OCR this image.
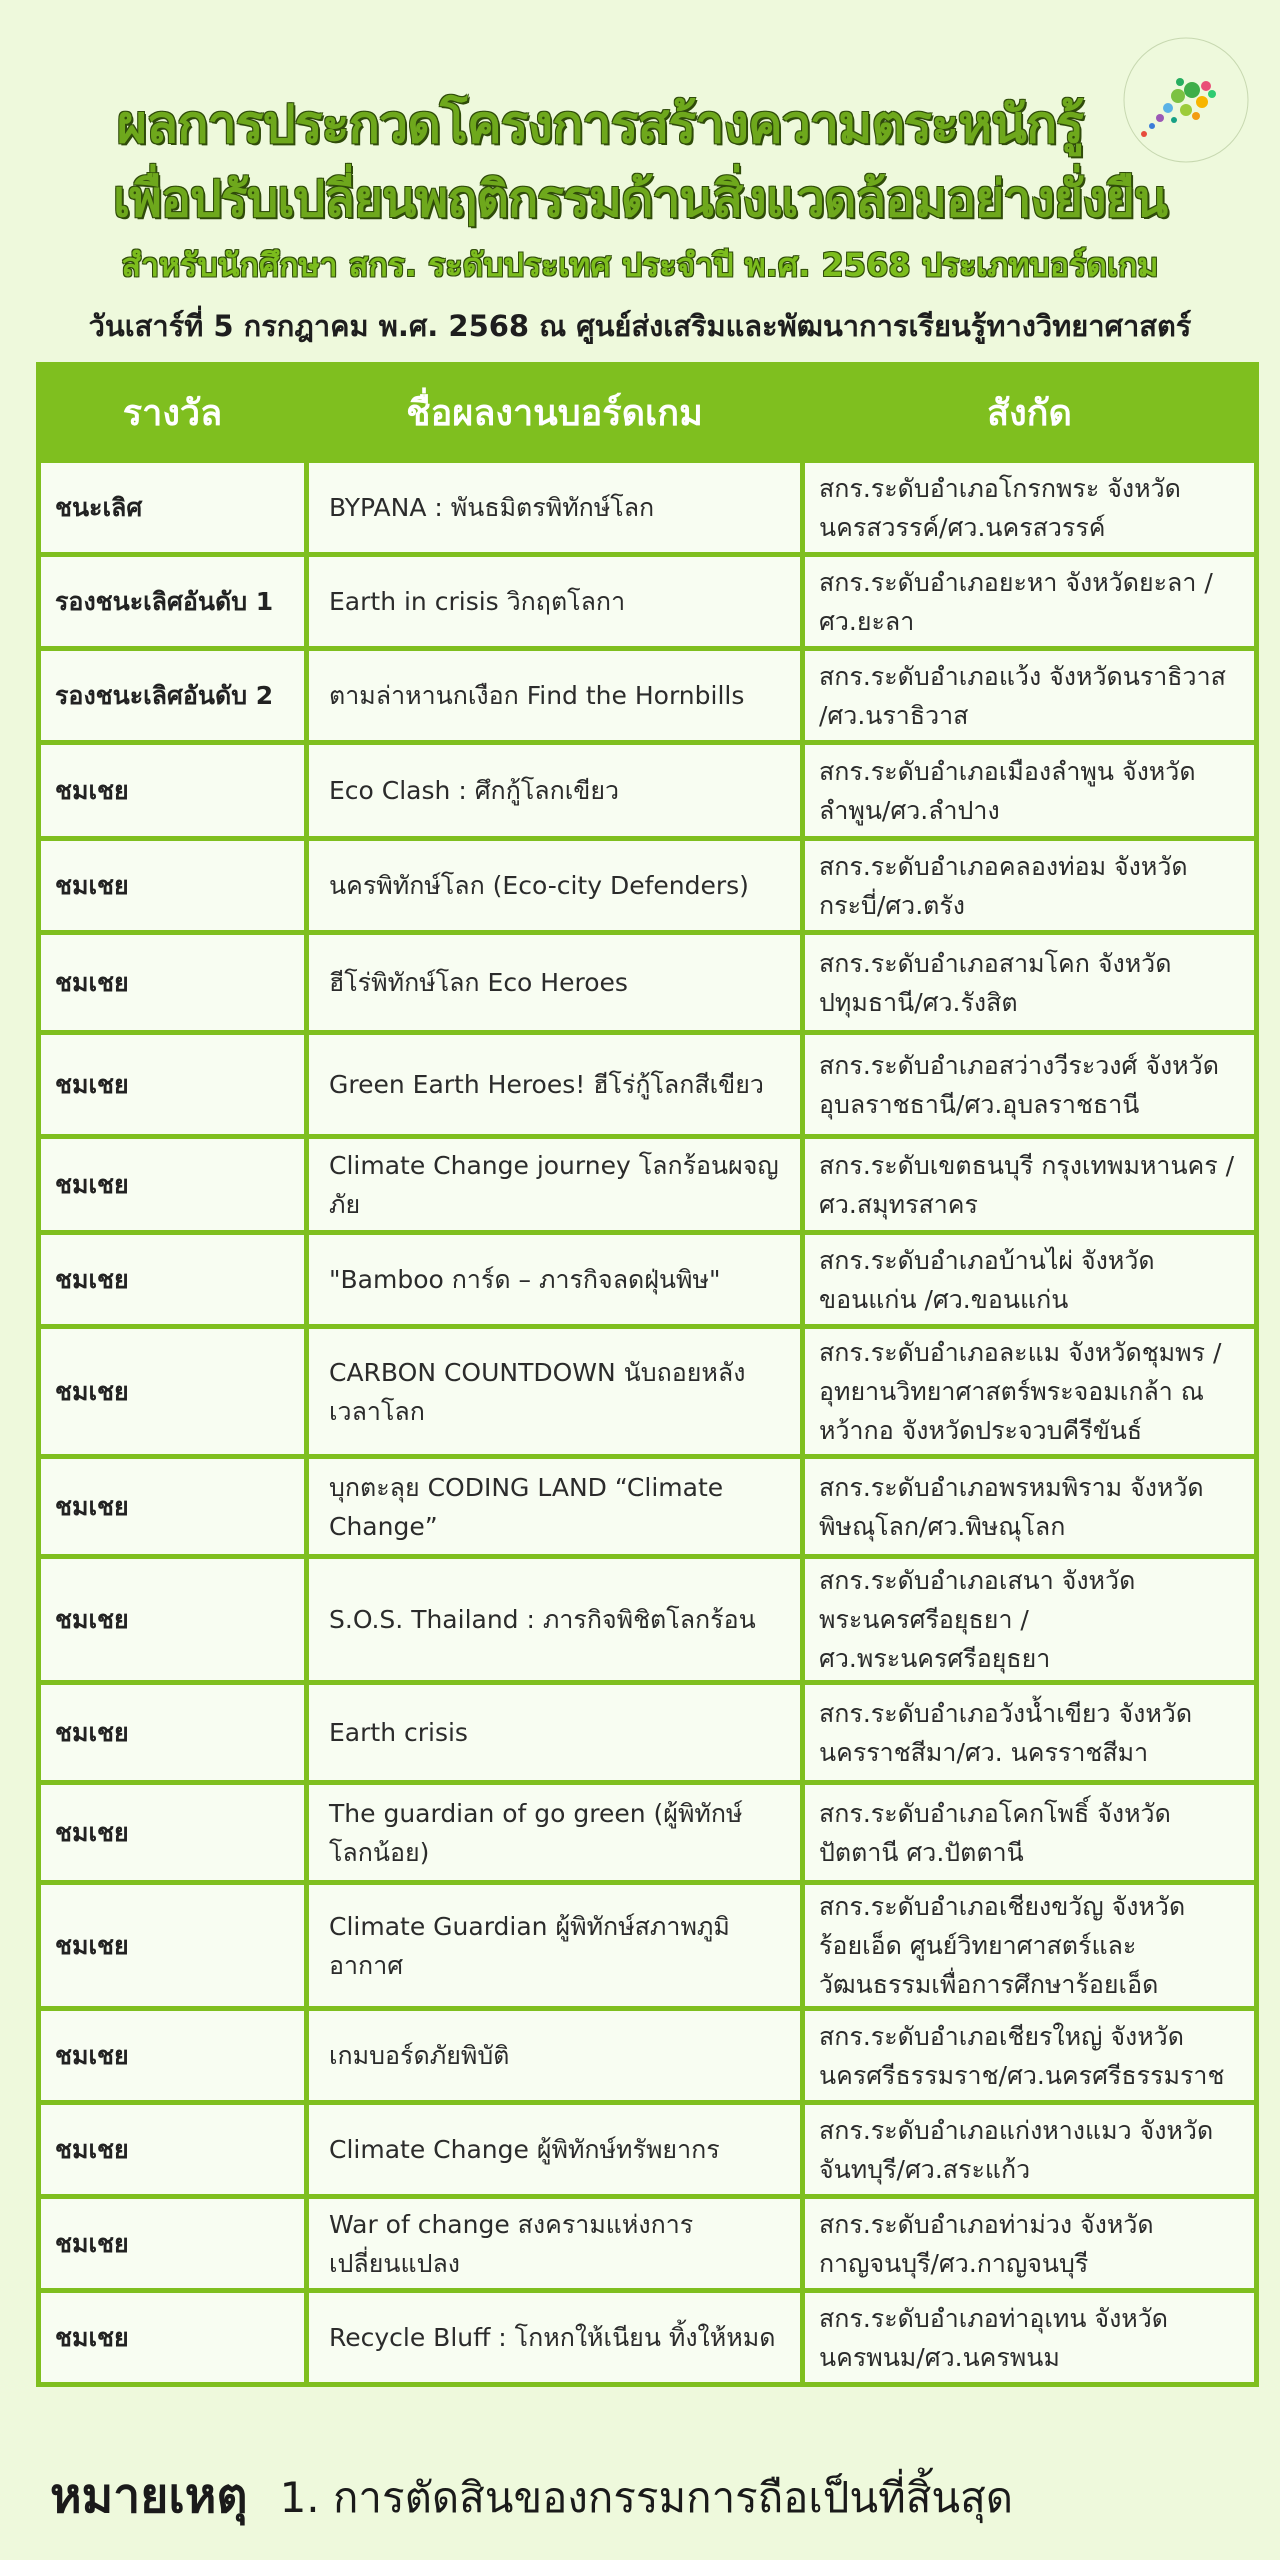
ผลการประกวดโครงการสร้างความตระหนักรู้
เพื่อปรับเปลี่ยนพฤติกรรมด้านสิ่งแวดล้อมอย่างยั่งยืน
สำหรับนักศึกษา สกร. ระดับประเทศ ประจำปี พ.ศ. 2568 ประเภทบอร์ดเกม
วันเสาร์ที่ 5 กรกฎาคม พ.ศ. 2568 ณ ศูนย์ส่งเสริมและพัฒนาการเรียนรู้ทางวิทยาศาสตร์
รางวัล	ชื่อผลงานบอร์ดเกม	สังกัด
ชนะเลิศ	BYPANA : พันธมิตรพิทักษ์โลก	สกร.ระดับอำเภอโกรกพระ จังหวัดนครสวรรค์/ศว.นครสวรรค์
รองชนะเลิศอันดับ 1	Earth in crisis วิกฤตโลกา	สกร.ระดับอำเภอยะหา จังหวัดยะลา /ศว.ยะลา
รองชนะเลิศอันดับ 2	ตามล่าหานกเงือก Find the Hornbills	สกร.ระดับอำเภอแว้ง จังหวัดนราธิวาส /ศว.นราธิวาส
ชมเชย	Eco Clash : ศึกกู้โลกเขียว	สกร.ระดับอำเภอเมืองลำพูน จังหวัดลำพูน/ศว.ลำปาง
ชมเชย	นครพิทักษ์โลก (Eco-city Defenders)	สกร.ระดับอำเภอคลองท่อม จังหวัดกระบี่/ศว.ตรัง
ชมเชย	ฮีโร่พิทักษ์โลก Eco Heroes	สกร.ระดับอำเภอสามโคก จังหวัดปทุมธานี/ศว.รังสิต
ชมเชย	Green Earth Heroes! ฮีโร่กู้โลกสีเขียว	สกร.ระดับอำเภอสว่างวีระวงศ์ จังหวัดอุบลราชธานี/ศว.อุบลราชธานี
ชมเชย	Climate Change journey โลกร้อนผจญภัย	สกร.ระดับเขตธนบุรี กรุงเทพมหานคร /ศว.สมุทรสาคร
ชมเชย	"Bamboo การ์ด – ภารกิจลดฝุ่นพิษ"	สกร.ระดับอำเภอบ้านไผ่ จังหวัดขอนแก่น /ศว.ขอนแก่น
ชมเชย	CARBON COUNTDOWN นับถอยหลังเวลาโลก	สกร.ระดับอำเภอละแม จังหวัดชุมพร /อุทยานวิทยาศาสตร์พระจอมเกล้า ณ หว้ากอ จังหวัดประจวบคีรีขันธ์
ชมเชย	บุกตะลุย CODING LAND “Climate Change”	สกร.ระดับอำเภอพรหมพิราม จังหวัดพิษณุโลก/ศว.พิษณุโลก
ชมเชย	S.O.S. Thailand : ภารกิจพิชิตโลกร้อน	สกร.ระดับอำเภอเสนา จังหวัดพระนครศรีอยุธยา /ศว.พระนครศรีอยุธยา
ชมเชย	Earth crisis	สกร.ระดับอำเภอวังน้ำเขียว จังหวัดนครราชสีมา/ศว. นครราชสีมา
ชมเชย	The guardian of go green (ผู้พิทักษ์โลกน้อย)	สกร.ระดับอำเภอโคกโพธิ์ จังหวัดปัตตานี ศว.ปัตตานี
ชมเชย	Climate Guardian ผู้พิทักษ์สภาพภูมิอากาศ	สกร.ระดับอำเภอเชียงขวัญ จังหวัดร้อยเอ็ด ศูนย์วิทยาศาสตร์และวัฒนธรรมเพื่อการศึกษาร้อยเอ็ด
ชมเชย	เกมบอร์ดภัยพิบัติ	สกร.ระดับอำเภอเชียรใหญ่ จังหวัดนครศรีธรรมราช/ศว.นครศรีธรรมราช
ชมเชย	Climate Change ผู้พิทักษ์ทรัพยากร	สกร.ระดับอำเภอแก่งหางแมว จังหวัดจันทบุรี/ศว.สระแก้ว
ชมเชย	War of change สงครามแห่งการเปลี่ยนแปลง	สกร.ระดับอำเภอท่าม่วง จังหวัดกาญจนบุรี/ศว.กาญจนบุรี
ชมเชย	Recycle Bluff : โกหกให้เนียน ทิ้งให้หมด	สกร.ระดับอำเภอท่าอุเทน จังหวัดนครพนม/ศว.นครพนม
หมายเหตุ 1. การตัดสินของกรรมการถือเป็นที่สิ้นสุด
